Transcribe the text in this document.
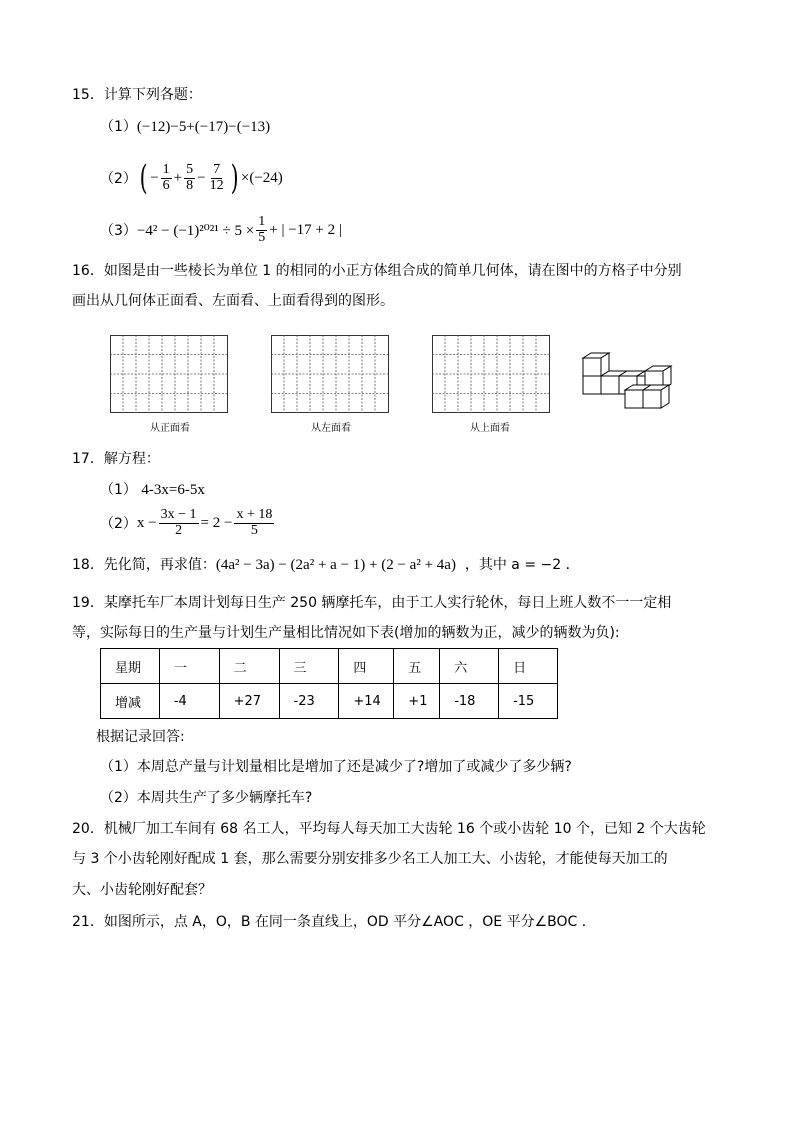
15．计算下列各题：
（1）(−12)−5+(−17)−(−13)
（2） ( − $\frac{1}{6} + \frac{5}{8} - \frac{7}{12}$ ) ×(−24)
$(3) -4^2 - (-1)^{2021} \div 5 \times \frac{1}{5}$ + | −17 + 2 |
16．如图是由一些棱长为单位 1 的相同的小正方体组合成的简单几何体，请在图中的方格子中分别
画出从几何体正面看、左面看、上面看得到的图形。
从正面看	从左面看	从上面看
17．解方程：
（1） 4-3x=6-5x
（2） $x - \frac{3x - 1}{2} = 2 - \frac{x + 18}{5}$
18．先化简，再求值：(4a² − 3a) − (2a² + a − 1) + (2 − a² + 4a) ，其中 a = −2 ．
19．某摩托车厂本周计划每日生产 250 辆摩托车，由于工人实行轮休，每日上班人数不一一定相
等，实际每日的生产量与计划生产量相比情况如下表(增加的辆数为正，减少的辆数为负):
星期	一	二	三	四	五	六	日
增减	-4	+27	-23	+14	+1	-18	-15
根据记录回答:
（1）本周总产量与计划量相比是增加了还是减少了?增加了或减少了多少辆?
（2）本周共生产了多少辆摩托车?
20．机械厂加工车间有 68 名工人，平均每人每天加工大齿轮 16 个或小齿轮 10 个，已知 2 个大齿轮
与 3 个小齿轮刚好配成 1 套，那么需要分别安排多少名工人加工大、小齿轮，才能使每天加工的
大、小齿轮刚好配套？
21．如图所示，点 A，O，B 在同一条直线上，OD 平分∠AOC ，OE 平分∠BOC ．
